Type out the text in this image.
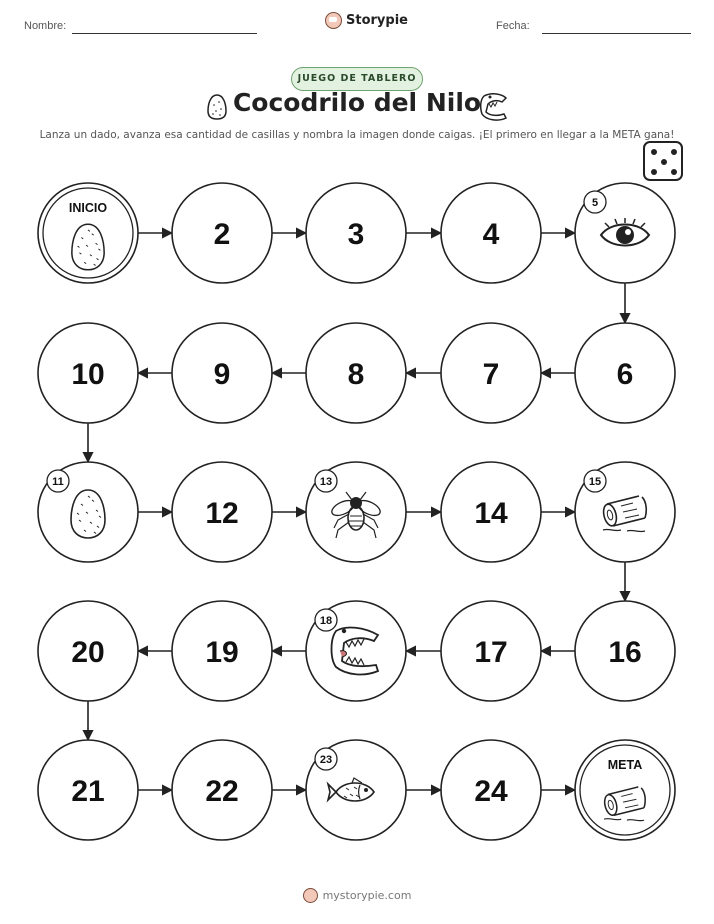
Nombre:	Storypie	Fecha:
JUEGO DE TABLERO
Cocodrilo del Nilo
Lanza un dado, avanza esa cantidad de casillas y nombra la imagen donde caigas. ¡El primero en llegar a la META gana!
INICIO
2	3	4
5
10	9	8	7	6
11
12
13
14
15
20	19
18
17	16
21	22
23
24
META
mystorypie.com
